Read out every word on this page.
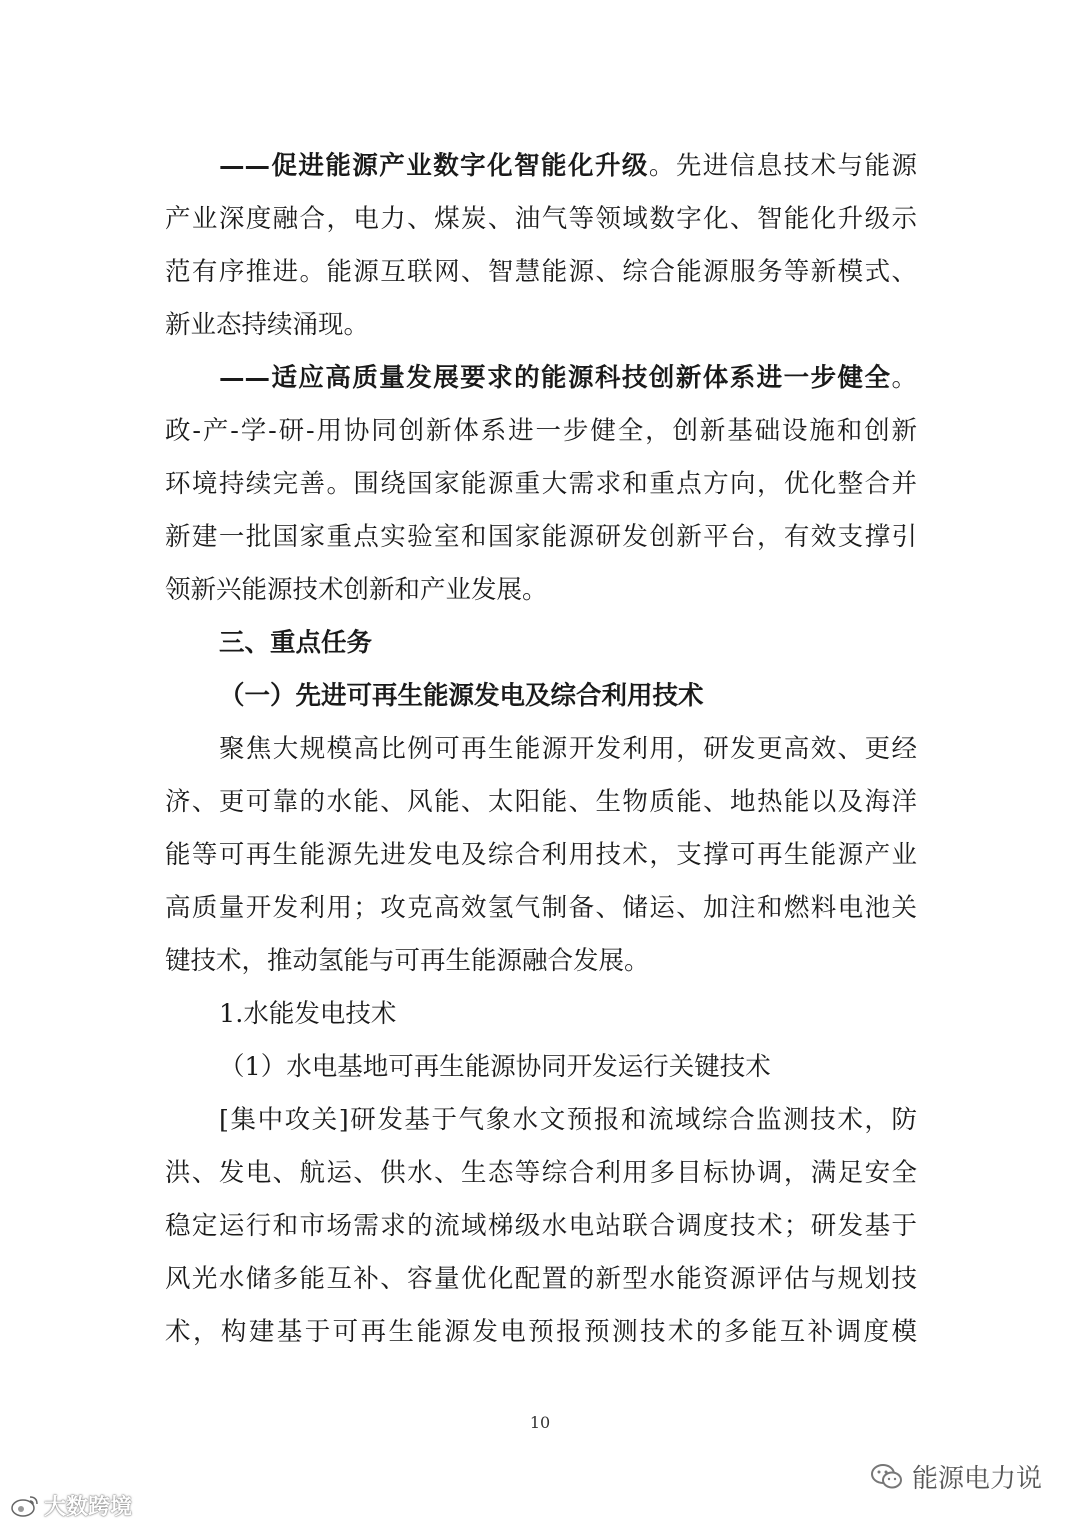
——促进能源产业数字化智能化升级。先进信息技术与能源
产业深度融合，电力、煤炭、油气等领域数字化、智能化升级示
范有序推进。能源互联网、智慧能源、综合能源服务等新模式、
新业态持续涌现。
——适应高质量发展要求的能源科技创新体系进一步健全。
政-产-学-研-用协同创新体系进一步健全，创新基础设施和创新
环境持续完善。围绕国家能源重大需求和重点方向，优化整合并
新建一批国家重点实验室和国家能源研发创新平台，有效支撑引
领新兴能源技术创新和产业发展。
三、重点任务
（一）先进可再生能源发电及综合利用技术
聚焦大规模高比例可再生能源开发利用，研发更高效、更经
济、更可靠的水能、风能、太阳能、生物质能、地热能以及海洋
能等可再生能源先进发电及综合利用技术，支撑可再生能源产业
高质量开发利用；攻克高效氢气制备、储运、加注和燃料电池关
键技术，推动氢能与可再生能源融合发展。
1.水能发电技术
（1）水电基地可再生能源协同开发运行关键技术
[集中攻关]研发基于气象水文预报和流域综合监测技术，防
洪、发电、航运、供水、生态等综合利用多目标协调，满足安全
稳定运行和市场需求的流域梯级水电站联合调度技术；研发基于
风光水储多能互补、容量优化配置的新型水能资源评估与规划技
术，构建基于可再生能源发电预报预测技术的多能互补调度模
10
能源电力说
大数跨境
